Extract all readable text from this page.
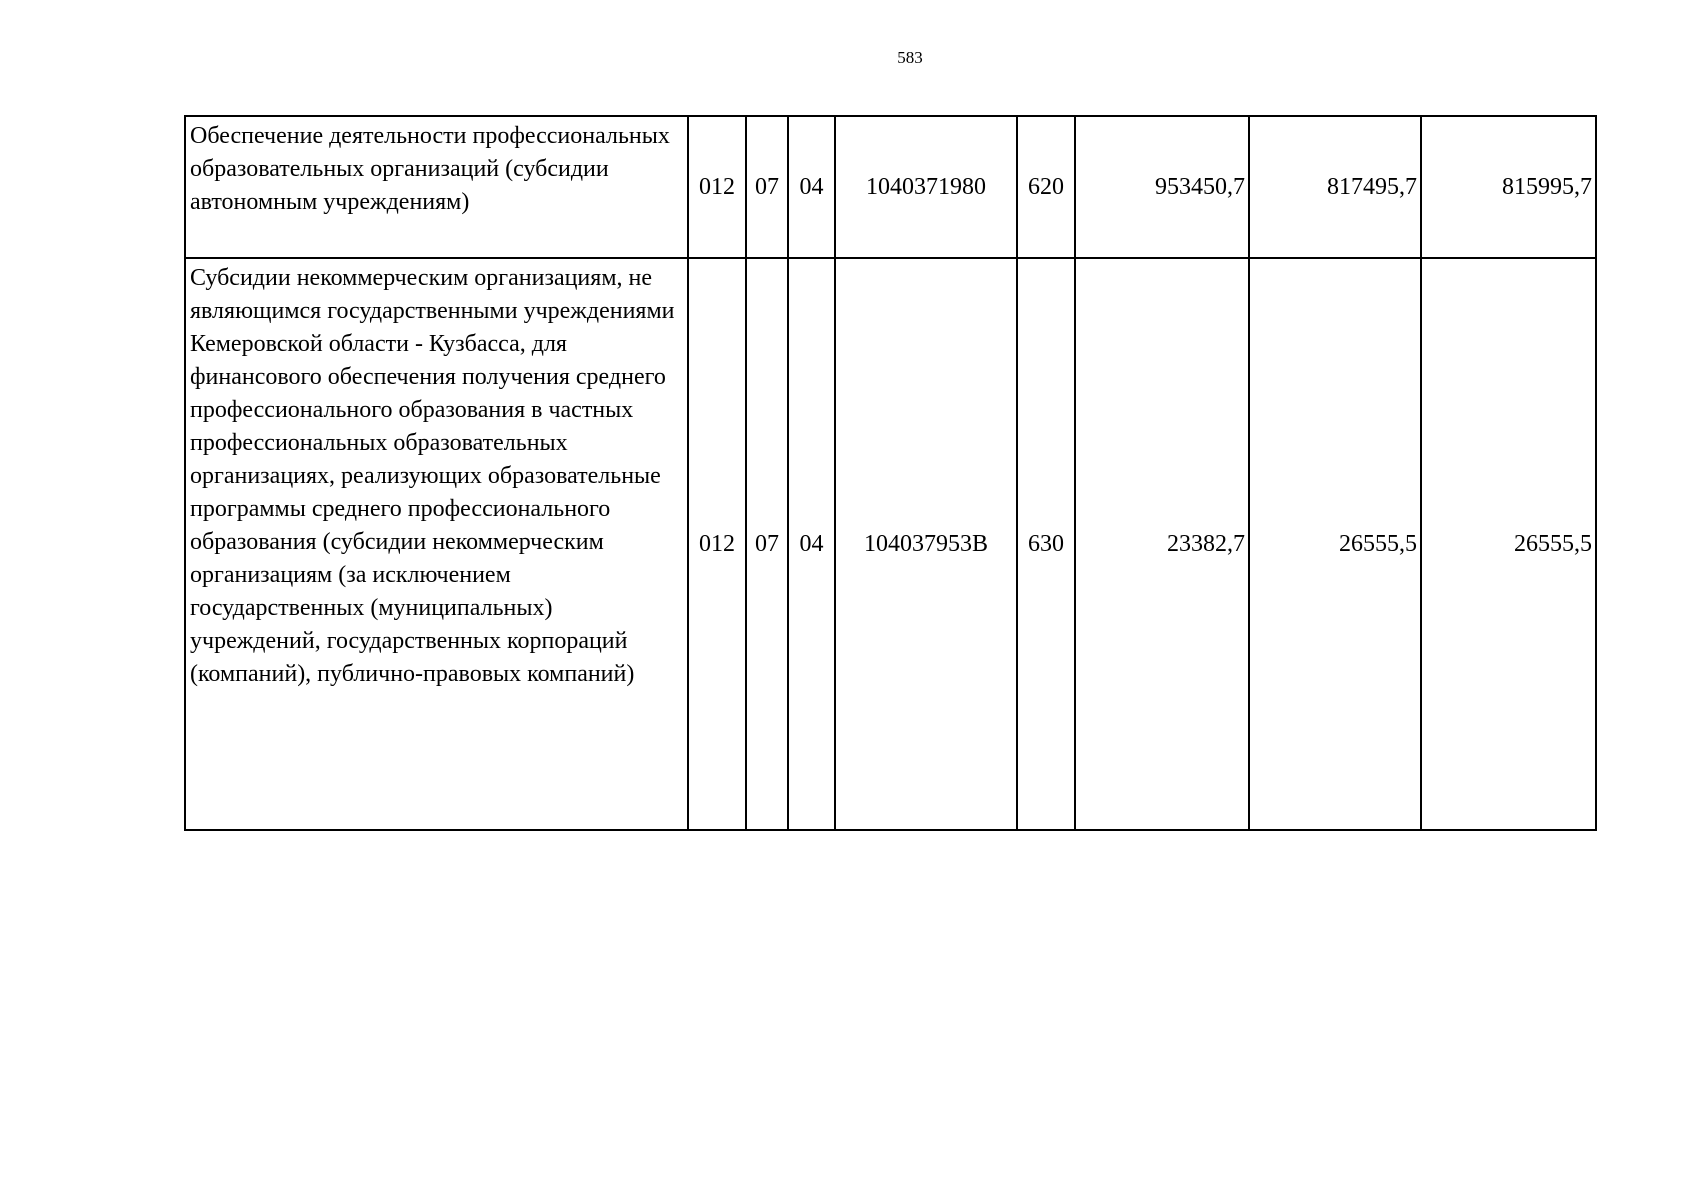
583
Обеспечение деятельности профессиональных образовательных организаций (субсидии автономным учреждениям)	012	07	04	1040371980	620	953450,7	817495,7	815995,7
Субсидии некоммерческим организациям, не являющимся государственными учреждениями Кемеровской области - Кузбасса, для финансового обеспечения получения среднего профессионального образования в частных профессиональных образовательных организациях, реализующих образовательные программы среднего профессионального образования (субсидии некоммерческим организациям (за исключением государственных (муниципальных) учреждений, государственных корпораций (компаний), публично-правовых компаний)	012	07	04	104037953В	630	23382,7	26555,5	26555,5
